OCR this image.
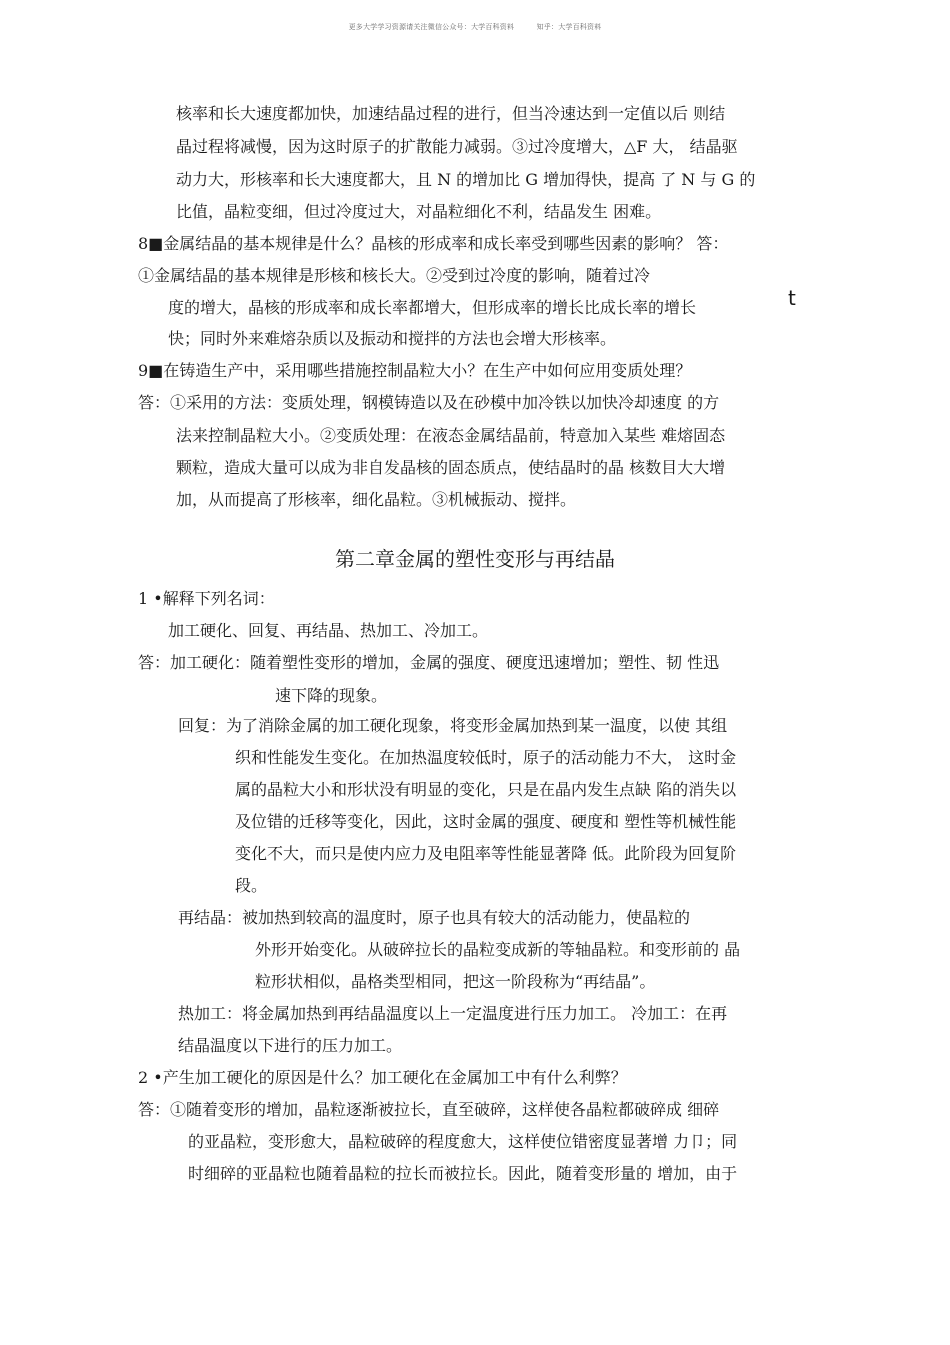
更多大学学习资源请关注微信公众号：大学百科资料	知乎：大学百科资料
核率和长大速度都加快，加速结晶过程的进行，但当冷速达到一定值以后 则结
晶过程将减慢，因为这时原子的扩散能力减弱。③过冷度增大，△F 大， 结晶驱
动力大，形核率和长大速度都大，且 N 的增加比 G 增加得快，提高 了 N 与 G 的
比值，晶粒变细，但过冷度过大，对晶粒细化不利，结晶发生 困难。
8■金属结晶的基本规律是什么？晶核的形成率和成长率受到哪些因素的影响？ 答：
①金属结晶的基本规律是形核和核长大。②受到过冷度的影响，随着过冷
度的增大，晶核的形成率和成长率都增大，但形成率的增长比成长率的增长
快；同时外来难熔杂质以及振动和搅拌的方法也会增大形核率。
t
9■在铸造生产中，采用哪些措施控制晶粒大小？在生产中如何应用变质处理？
答：①采用的方法：变质处理，钢模铸造以及在砂模中加冷铁以加快冷却速度 的方
法来控制晶粒大小。②变质处理：在液态金属结晶前，特意加入某些 难熔固态
颗粒，造成大量可以成为非自发晶核的固态质点，使结晶时的晶 核数目大大增
加，从而提高了形核率，细化晶粒。③机械振动、搅拌。
第二章金属的塑性变形与再结晶
1 •解释下列名词：
加工硬化、回复、再结晶、热加工、冷加工。
答：加工硬化：随着塑性变形的增加，金属的强度、硬度迅速增加；塑性、韧 性迅
速下降的现象。
回复：为了消除金属的加工硬化现象，将变形金属加热到某一温度，以使 其组
织和性能发生变化。在加热温度较低时，原子的活动能力不大， 这时金
属的晶粒大小和形状没有明显的变化，只是在晶内发生点缺 陷的消失以
及位错的迁移等变化，因此，这时金属的强度、硬度和 塑性等机械性能
变化不大，而只是使内应力及电阻率等性能显著降 低。此阶段为回复阶
段。
再结晶：被加热到较高的温度时，原子也具有较大的活动能力，使晶粒的
外形开始变化。从破碎拉长的晶粒变成新的等轴晶粒。和变形前的 晶
粒形状相似，晶格类型相同，把这一阶段称为“再结晶”。
热加工：将金属加热到再结晶温度以上一定温度进行压力加工。 冷加工：在再
结晶温度以下进行的压力加工。
2 •产生加工硬化的原因是什么？加工硬化在金属加工中有什么利弊？
答：①随着变形的增加，晶粒逐渐被拉长，直至破碎，这样使各晶粒都破碎成 细碎
的亚晶粒，变形愈大，晶粒破碎的程度愈大，这样使位错密度显著增 力卩；同
时细碎的亚晶粒也随着晶粒的拉长而被拉长。因此，随着变形量的 增加，由于
